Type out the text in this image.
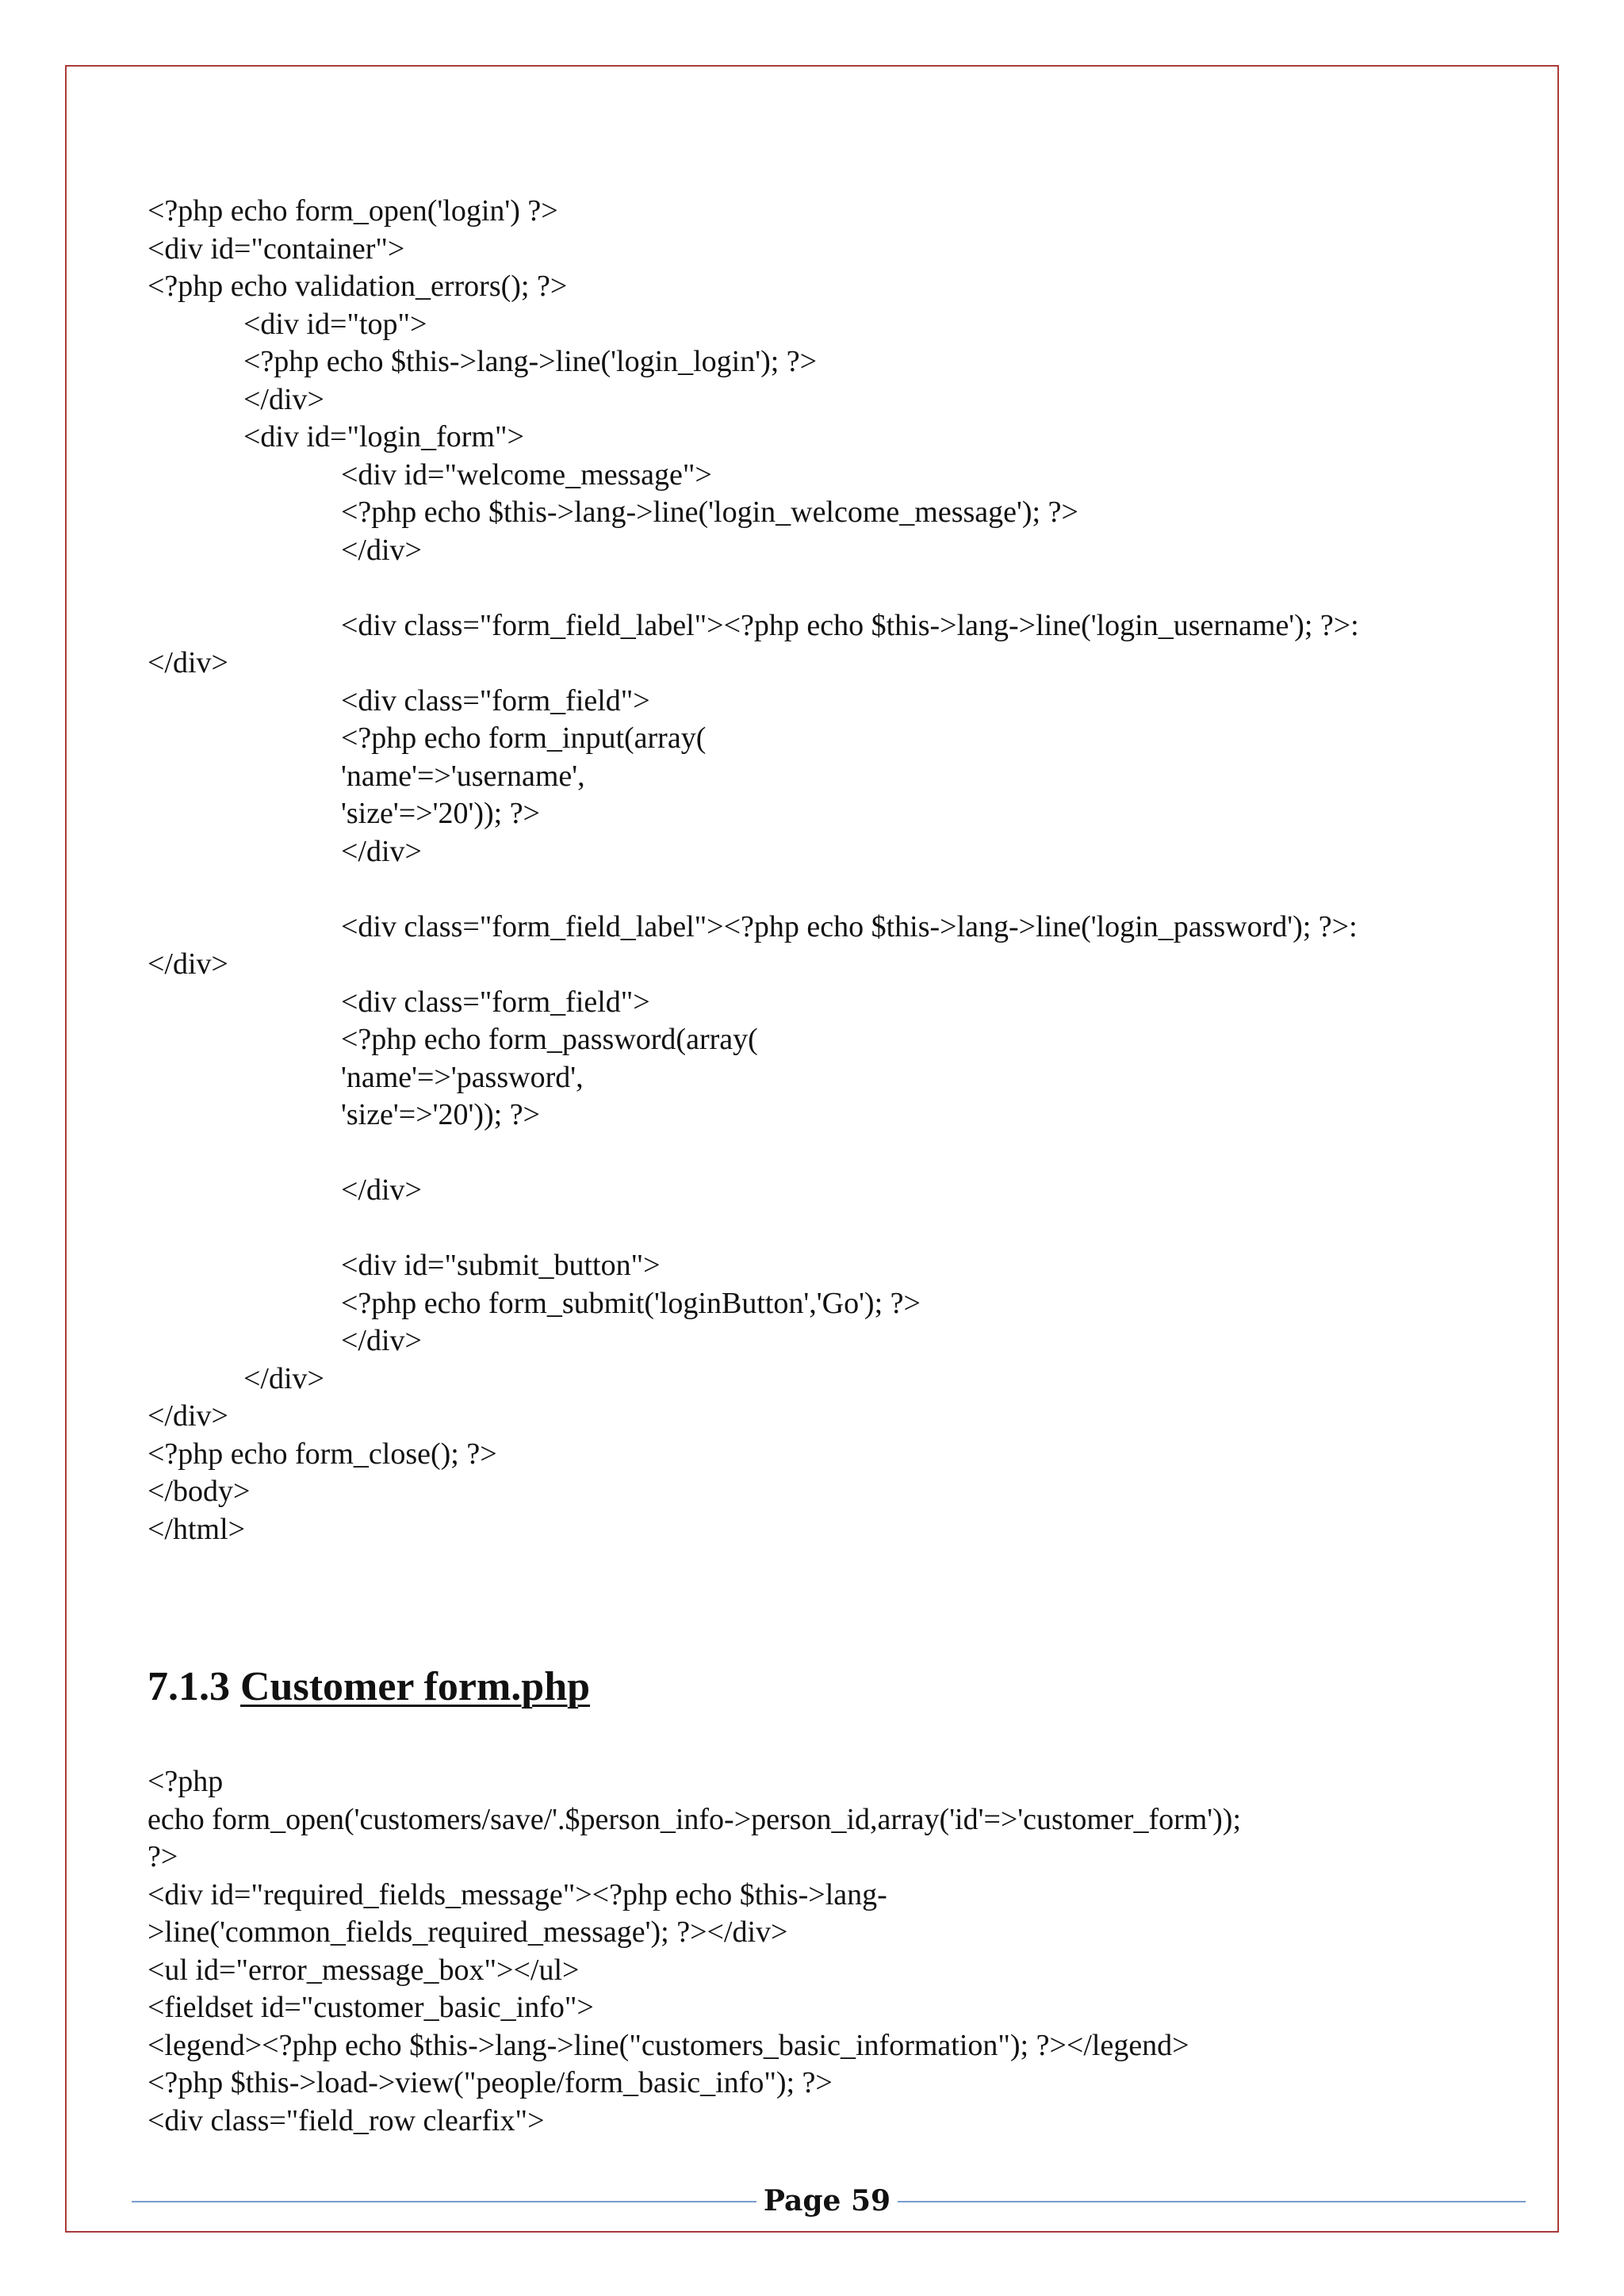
<?php echo form_open('login') ?>
<div id="container">
<?php echo validation_errors(); ?>
<div id="top">
<?php echo $this->lang->line('login_login'); ?>
</div>
<div id="login_form">
<div id="welcome_message">
<?php echo $this->lang->line('login_welcome_message'); ?>
</div>
<div class="form_field_label"><?php echo $this->lang->line('login_username'); ?>:
</div>
<div class="form_field">
<?php echo form_input(array(
'name'=>'username',
'size'=>'20')); ?>
</div>
<div class="form_field_label"><?php echo $this->lang->line('login_password'); ?>:
</div>
<div class="form_field">
<?php echo form_password(array(
'name'=>'password',
'size'=>'20')); ?>
</div>
<div id="submit_button">
<?php echo form_submit('loginButton','Go'); ?>
</div>
</div>
</div>
<?php echo form_close(); ?>
</body>
</html>
7.1.3 Customer form.php
<?php
echo form_open('customers/save/'.$person_info->person_id,array('id'=>'customer_form'));
?>
<div id="required_fields_message"><?php echo $this->lang-
>line('common_fields_required_message'); ?></div>
<ul id="error_message_box"></ul>
<fieldset id="customer_basic_info">
<legend><?php echo $this->lang->line("customers_basic_information"); ?></legend>
<?php $this->load->view("people/form_basic_info"); ?>
<div class="field_row clearfix">
Page 59
